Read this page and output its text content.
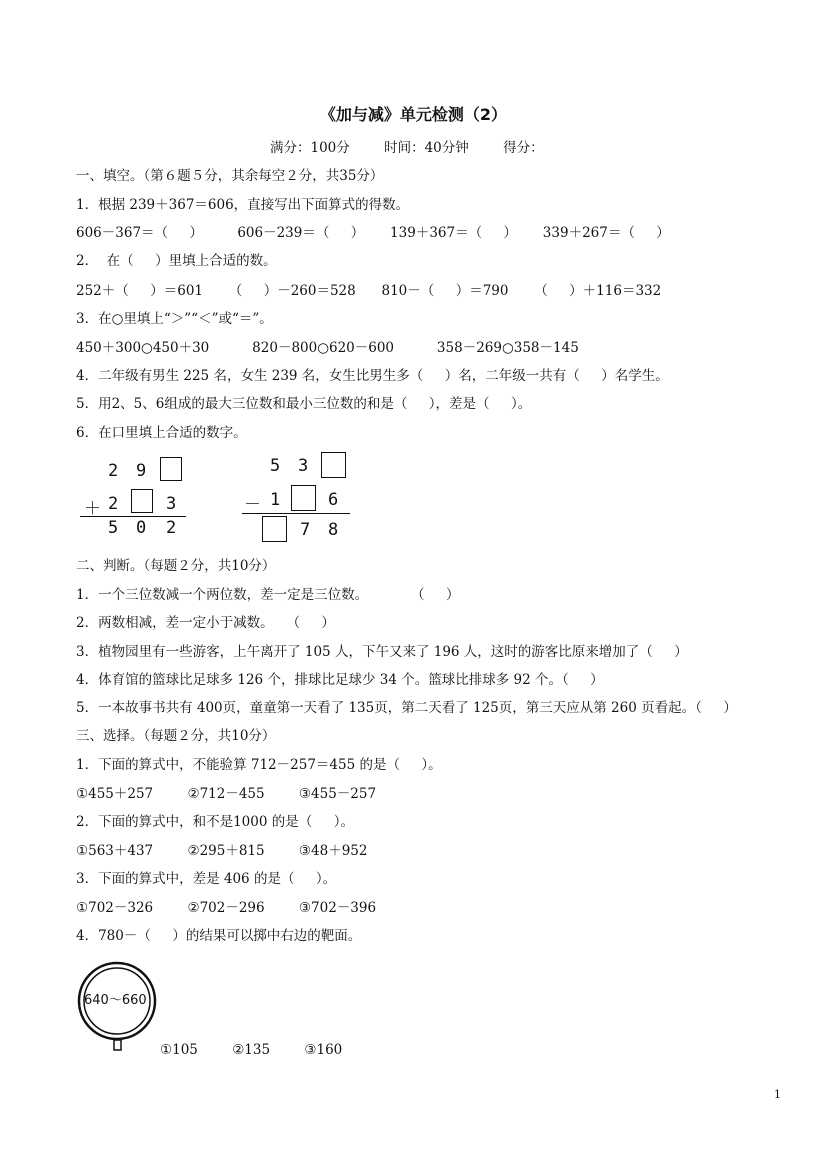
《加与减》单元检测（2）
满分：100分        时间：40分钟        得分：
一、填空。（第６题５分，其余每空２分，共35分）
1．根据 239＋367＝606，直接写出下面算式的得数。
606－367＝（     ）        606－239＝（     ）      139＋367＝（     ）      339＋267＝（     ）
2．  在（     ）里填上合适的数。
252＋（     ）＝601      （     ）－260＝528      810－（     ）＝790      （     ）＋116＝332
3．在○里填上“＞”“＜”或“＝”。
450＋300○450＋30          820－800○620－600          358－269○358－145
4．二年级有男生 225 名，女生 239 名，女生比男生多（     ）名，二年级一共有（     ）名学生。
5．用2、5、6组成的最大三位数和最小三位数的和是（     ），差是（     ）。
6．在口里填上合适的数字。
2 9
＋ 2	3
5 0 2
5 3
－ 1	6
7 8
二、判断。（每题２分，共10分）
1．一个三位数减一个两位数，差一定是三位数。          （     ）
2．两数相减，差一定小于减数。   （     ）
3．植物园里有一些游客，上午离开了 105 人，下午又来了 196 人，这时的游客比原来增加了（     ）
4．体育馆的篮球比足球多 126 个，排球比足球少 34 个。篮球比排球多 92 个。（     ）
5．一本故事书共有 400页，童童第一天看了 135页，第二天看了 125页，第三天应从第 260 页看起。（     ）
三、选择。（每题２分，共10分）
1．下面的算式中，不能验算 712－257＝455 的是（     ）。
①455＋257        ②712－455        ③455－257
2．下面的算式中，和不是1000 的是（     ）。
①563＋437        ②295＋815        ③48＋952
3．下面的算式中，差是 406 的是（     ）。
①702－326        ②702－296        ③702－396
4．780－（     ）的结果可以掷中右边的靶面。
640～660
①105        ②135        ③160
1
